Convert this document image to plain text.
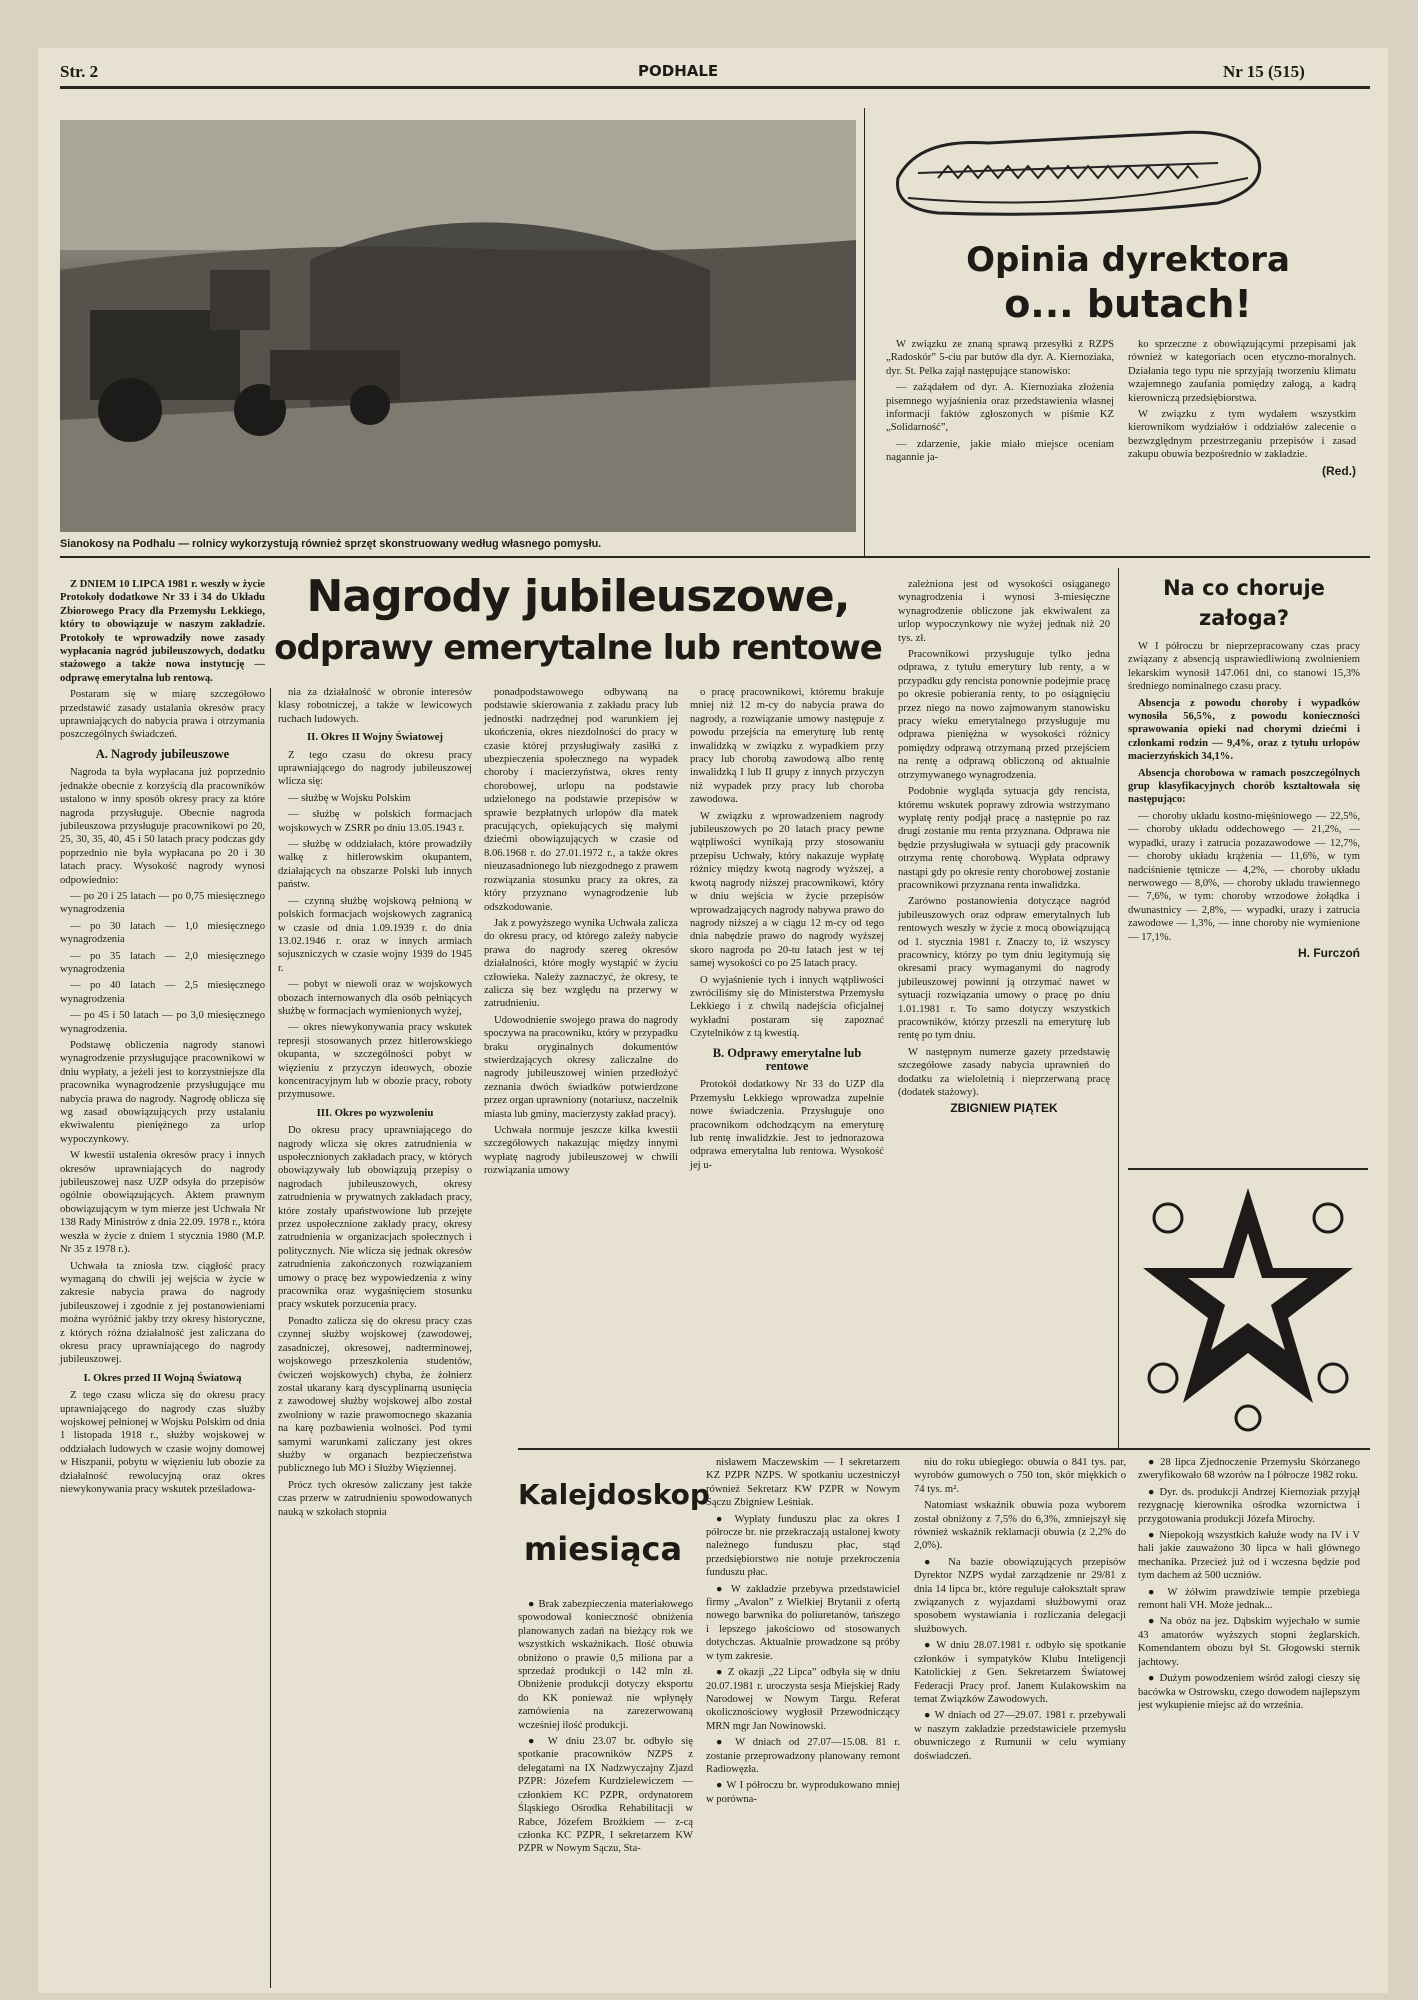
Str. 2	PODHALE	Nr 15 (515)
Sianokosy na Podhalu — rolnicy wykorzystują również sprzęt skonstruowany według własnego pomysłu.
Opinia dyrektora
o... butach!

W związku ze znaną sprawą przesyłki z RZPS „Radoskór” 5-ciu par butów dla dyr. A. Kiernoziaka, dyr. St. Pelka zajął następujące stanowisko:

— zażądałem od dyr. A. Kiernoziaka złożenia pisemnego wyjaśnienia oraz przedstawienia własnej informacji faktów zgłoszonych w piśmie KZ „Solidarność”,

— zdarzenie, jakie miało miejsce oceniam nagannie ja-

ko sprzeczne z obowiązującymi przepisami jak również w kategoriach ocen etyczno-moralnych. Działania tego typu nie sprzyjają tworzeniu klimatu wzajemnego zaufania pomiędzy załogą, a kadrą kierowniczą przedsiębiorstwa.

W związku z tym wydałem wszystkim kierownikom wydziałów i oddziałów zalecenie o bezwzględnym przestrzeganiu przepisów i zasad zakupu obuwia bezpośrednio w zakładzie.

(Red.)
Nagrody jubileuszowe,
odprawy emerytalne lub rentowe

Z DNIEM 10 LIPCA 1981 r. weszły w życie Protokoły dodatkowe Nr 33 i 34 do Układu Zbiorowego Pracy dla Przemysłu Lekkiego, który to obowiązuje w naszym zakładzie. Protokoły te wprowadziły nowe zasady wypłacania nagród jubileuszowych, dodatku stażowego a także nowa instytucję — odprawę emerytalna lub rentową.

Postaram się w miarę szczegółowo przedstawić zasady ustalania okresów pracy uprawniających do nabycia prawa i otrzymania poszczególnych świadczeń.

A. Nagrody jubileuszowe

Nagroda ta była wypłacana już poprzednio jednakże obecnie z korzyścią dla pracowników ustalono w inny sposób okresy pracy za które nagroda przysługuje. Obecnie nagroda jubileuszowa przysługuje pracownikowi po 20, 25, 30, 35, 40, 45 i 50 latach pracy podczas gdy poprzednio nie była wypłacana po 20 i 30 latach pracy. Wysokość nagrody wynosi odpowiednio:

— po 20 i 25 latach — po 0,75 miesięcznego wynagrodzenia

— po 30 latach — 1,0 miesięcznego wynagrodzenia

— po 35 latach — 2,0 miesięcznego wynagrodzenia

— po 40 latach — 2,5 miesięcznego wynagrodzenia

— po 45 i 50 latach — po 3,0 miesięcznego wynagrodzenia.

Podstawę obliczenia nagrody stanowi wynagrodzenie przysługujące pracownikowi w dniu wypłaty, a jeżeli jest to korzystniejsze dla pracownika wynagrodzenie przysługujące mu nabycia prawa do nagrody. Nagrodę oblicza się wg zasad obowiązujących przy ustalaniu ekwiwalentu pieniężnego za urlop wypoczynkowy.

W kwestii ustalenia okresów pracy i innych okresów uprawniających do nagrody jubileuszowej nasz UZP odsyła do przepisów ogólnie obowiązujących. Aktem prawnym obowiązującym w tym mierze jest Uchwała Nr 138 Rady Ministrów z dnia 22.09. 1978 r., która weszła w życie z dniem 1 stycznia 1980 (M.P. Nr 35 z 1978 r.).

Uchwała ta zniosła tzw. ciągłość pracy wymaganą do chwili jej wejścia w życie w zakresie nabycia prawa do nagrody jubileuszowej i zgodnie z jej postanowieniami można wyróżnić jakby trzy okresy historyczne, z których różna działalność jest zaliczana do okresu pracy uprawniającego do nagrody jubileuszowej.

I. Okres przed II Wojną Światową

Z tego czasu wlicza się do okresu pracy uprawniającego do nagrody czas służby wojskowej pełnionej w Wojsku Polskim od dnia 1 listopada 1918 r., służby wojskowej w oddziałach ludowych w czasie wojny domowej w Hiszpanii, pobytu w więzieniu lub obozie za działalność rewolucyjną oraz okres niewykonywania pracy wskutek prześladowa-

nia za działalność w obronie interesów klasy robotniczej, a także w lewicowych ruchach ludowych.

II. Okres II Wojny Światowej

Z tego czasu do okresu pracy uprawniającego do nagrody jubileuszowej wlicza się:

— służbę w Wojsku Polskim

— służbę w polskich formacjach wojskowych w ZSRR po dniu 13.05.1943 r.

— służbę w oddziałach, które prowadziły walkę z hitlerowskim okupantem, działających na obszarze Polski lub innych państw.

— czynną służbę wojskową pełnioną w polskich formacjach wojskowych zagranicą w czasie od dnia 1.09.1939 r. do dnia 13.02.1946 r. oraz w innych armiach sojuszniczych w czasie wojny 1939 do 1945 r.

— pobyt w niewoli oraz w wojskowych obozach internowanych dla osób pełniących służbę w formacjach wymienionych wyżej,

— okres niewykonywania pracy wskutek represji stosowanych przez hitlerowskiego okupanta, w szczególności pobyt w więzieniu z przyczyn ideowych, obozie koncentracyjnym lub w obozie pracy, roboty przymusowe.

III. Okres po wyzwoleniu

Do okresu pracy uprawniającego do nagrody wlicza się okres zatrudnienia w uspołecznionych zakładach pracy, w których obowiązywały lub obowiązują przepisy o nagrodach jubileuszowych, okresy zatrudnienia w prywatnych zakładach pracy, które zostały upaństwowione lub przejęte przez uspołecznione zakłady pracy, okresy zatrudnienia w organizacjach społecznych i politycznych. Nie wlicza się jednak okresów zatrudnienia zakończonych rozwiązaniem umowy o pracę bez wypowiedzenia z winy pracownika oraz wygaśnięciem stosunku pracy wskutek porzucenia pracy.

Ponadto zalicza się do okresu pracy czas czynnej służby wojskowej (zawodowej, zasadniczej, okresowej, nadterminowej, wojskowego przeszkolenia studentów, ćwiczeń wojskowych) chyba, że żołnierz został ukarany karą dyscyplinarną usunięcia z zawodowej służby wojskowej albo został zwolniony w razie prawomocnego skazania na karę pozbawienia wolności. Pod tymi samymi warunkami zaliczany jest okres służby w organach bezpieczeństwa publicznego lub MO i Służby Więziennej.

Prócz tych okresów zaliczany jest także czas przerw w zatrudnieniu spowodowanych nauką w szkołach stopnia

ponadpodstawowego odbywaną na podstawie skierowania z zakładu pracy lub jednostki nadrzędnej pod warunkiem jej ukończenia, okres niezdolności do pracy w czasie której przysługiwały zasiłki z ubezpieczenia społecznego na wypadek choroby i macierzyństwa, okres renty chorobowej, urlopu na podstawie udzielonego na podstawie przepisów w sprawie bezpłatnych urlopów dla matek pracujących, opiekujących się małymi dziećmi obowiązujących w czasie od 8.06.1968 r. do 27.01.1972 r., a także okres nieuzasadnionego lub niezgodnego z prawem rozwiązania stosunku pracy za okres, za który przyznano wynagrodzenie lub odszkodowanie.

Jak z powyższego wynika Uchwała zalicza do okresu pracy, od którego zależy nabycie prawa do nagrody szereg okresów działalności, które mogły wystąpić w życiu człowieka. Należy zaznaczyć, że okresy, te zalicza się bez względu na przerwy w zatrudnieniu.

Udowodnienie swojego prawa do nagrody spoczywa na pracowniku, który w przypadku braku oryginalnych dokumentów stwierdzających okresy zaliczalne do nagrody jubileuszowej winien przedłożyć zeznania dwóch świadków potwierdzone przez organ uprawniony (notariusz, naczelnik miasta lub gminy, macierzysty zakład pracy).

Uchwała normuje jeszcze kilka kwestii szczegółowych nakazując między innymi wypłatę nagrody jubileuszowej w chwili rozwiązania umowy

o pracę pracownikowi, któremu brakuje mniej niż 12 m-cy do nabycia prawa do nagrody, a rozwiązanie umowy następuje z powodu przejścia na emeryturę lub rentę inwalidzką w związku z wypadkiem przy pracy lub chorobą zawodową albo rentę inwalidzką I lub II grupy z innych przyczyn niż wypadek przy pracy lub choroba zawodowa.

W związku z wprowadzeniem nagrody jubileuszowych po 20 latach pracy pewne wątpliwości wynikają przy stosowaniu przepisu Uchwały, który nakazuje wypłatę różnicy między kwotą nagrody wyższej, a kwotą nagrody niższej pracownikowi, który w dniu wejścia w życie przepisów wprowadzających nagrody nabywa prawo do nagrody niższej a w ciągu 12 m-cy od tego dnia nabędzie prawo do nagrody wyższej skoro nagroda po 20-tu latach jest w tej samej wysokości co po 25 latach pracy.

O wyjaśnienie tych i innych wątpliwości zwróciliśmy się do Ministerstwa Przemysłu Lekkiego i z chwilą nadejścia oficjalnej wykładni postaram się zapoznać Czytelników z tą kwestią.

B. Odprawy emerytalne lub rentowe

Protokół dodatkowy Nr 33 do UZP dla Przemysłu Lekkiego wprowadza zupełnie nowe świadczenia. Przysługuje ono pracownikom odchodzącym na emeryturę lub rentę inwalidzkie. Jest to jednorazowa odprawa emerytalna lub rentowa. Wysokość jej u-

zależniona jest od wysokości osiąganego wynagrodzenia i wynosi 3-miesięczne wynagrodzenie obliczone jak ekwiwalent za urlop wypoczynkowy nie wyżej jednak niż 20 tys. zł.

Pracownikowi przysługuje tylko jedna odprawa, z tytułu emerytury lub renty, a w przypadku gdy rencista ponownie podejmie pracę po okresie pobierania renty, to po osiągnięciu przez niego na nowo zajmowanym stanowisku pracy wieku emerytalnego przysługuje mu odprawa pieniężna w wysokości różnicy pomiędzy odprawą otrzymaną przed przejściem na rentę a odprawą obliczoną od aktualnie otrzymywanego wynagrodzenia.

Podobnie wygląda sytuacja gdy rencista, któremu wskutek poprawy zdrowia wstrzymano wypłatę renty podjął pracę a następnie po raz drugi zostanie mu renta przyznana. Odprawa nie będzie przysługiwała w sytuacji gdy pracownik otrzyma rentę chorobową. Wypłata odprawy nastąpi gdy po okresie renty chorobowej zostanie pracownikowi przyznana renta inwalidzka.

Zarówno postanowienia dotyczące nagród jubileuszowych oraz odpraw emerytalnych lub rentowych weszły w życie z mocą obowiązującą od 1. stycznia 1981 r. Znaczy to, iż wszyscy pracownicy, którzy po tym dniu legitymują się okresami pracy wymaganymi do nagrody jubileuszowej powinni ją otrzymać nawet w sytuacji rozwiązania umowy o pracę po dniu 1.01.1981 r. To samo dotyczy wszystkich pracowników, którzy przeszli na emeryturę lub rentę po tym dniu.

W następnym numerze gazety przedstawię szczegółowe zasady nabycia uprawnień do dodatku za wieloletnią i nieprzerwaną pracę (dodatek stażowy).

ZBIGNIEW PIĄTEK
Na co choruje
załoga?

W I półroczu br nieprzepracowany czas pracy związany z absencją usprawiedliwioną zwolnieniem lekarskim wynosił 147.061 dni, co stanowi 15,3% średniego nominalnego czasu pracy.

Absencja z powodu choroby i wypadków wynosiła 56,5%, z powodu konieczności sprawowania opieki nad chorymi dziećmi i członkami rodzin — 9,4%, oraz z tytułu urlopów macierzyńskich 34,1%.

Absencja chorobowa w ramach poszczególnych grup klasyfikacyjnych chorób kształtowała się następująco:

— choroby układu kostno-mięśniowego — 22,5%, — choroby układu oddechowego — 21,2%, — wypadki, urazy i zatrucia pozazawodowe — 12,7%, — choroby układu krążenia — 11,6%, w tym nadciśnienie tętnicze — 4,2%, — choroby układu nerwowego — 8,0%, — choroby układu trawiennego — 7,6%, w tym: choroby wrzodowe żołądka i dwunastnicy — 2,8%, — wypadki, urazy i zatrucia zawodowe — 1,3%, — inne choroby nie wymienione — 17,1%.

H. Furczoń
Kalejdoskop
miesiąca

● Brak zabezpieczenia materiałowego spowodował konieczność obniżenia planowanych zadań na bieżący rok we wszystkich wskaźnikach. Ilość obuwia obniżono o prawie 0,5 miliona par a sprzedaż produkcji o 142 mln zł. Obniżenie produkcji dotyczy eksportu do KK ponieważ nie wpłynęły zamówienia na zarezerwowaną wcześniej ilość produkcji.

● W dniu 23.07 br. odbyło się spotkanie pracowników NZPS z delegatami na IX Nadzwyczajny Zjazd PZPR: Józefem Kurdzielewiczem — członkiem KC PZPR, ordynatorem Śląskiego Ośrodka Rehabilitacji w Rabce, Józefem Brożkiem — z-cą członka KC PZPR, I sekretarzem KW PZPR w Nowym Sączu, Sta-

nisławem Maczewskim — I sekretarzem KZ PZPR NZPS. W spotkaniu uczestniczył również Sekretarz KW PZPR w Nowym Sączu Zbigniew Leśniak.

● Wypłaty funduszu płac za okres I półrocze br. nie przekraczają ustalonej kwoty należnego funduszu płac, stąd przedsiębiorstwo nie notuje przekroczenia funduszu płac.

● W zakładzie przebywa przedstawiciel firmy „Avalon” z Wielkiej Brytanii z ofertą nowego barwnika do poliuretanów, tańszego i lepszego jakościowo od stosowanych dotychczas. Aktualnie prowadzone są próby w tym zakresie.

● Z okazji „22 Lipca” odbyła się w dniu 20.07.1981 r. uroczysta sesja Miejskiej Rady Narodowej w Nowym Targu. Referat okolicznościowy wygłosił Przewodniczący MRN mgr Jan Nowinowski.

● W dniach od 27.07—15.08. 81 r. zostanie przeprowadzony planowany remont Radiowęzła.

● W I półroczu br. wyprodukowano mniej w porówna-

niu do roku ubiegłego: obuwia o 841 tys. par, wyrobów gumowych o 750 ton, skór miękkich o 74 tys. m².

Natomiast wskaźnik obuwia poza wyborem został obniżony z 7,5% do 6,3%, zmniejszył się również wskaźnik reklamacji obuwia (z 2,2% do 2,0%).

● Na bazie obowiązujących przepisów Dyrektor NZPS wydał zarządzenie nr 29/81 z dnia 14 lipca br., które reguluje całokształt spraw związanych z wyjazdami służbowymi oraz sposobem wystawiania i rozliczania delegacji służbowych.

● W dniu 28.07.1981 r. odbyło się spotkanie członków i sympatyków Klubu Inteligencji Katolickiej z Gen. Sekretarzem Światowej Federacji Pracy prof. Janem Kulakowskim na temat Związków Zawodowych.

● W dniach od 27—29.07. 1981 r. przebywali w naszym zakładzie przedstawiciele przemysłu obuwniczego z Rumunii w celu wymiany doświadczeń.

● 28 lipca Zjednoczenie Przemysłu Skórzanego zweryfikowało 68 wzorów na I półrocze 1982 roku.

● Dyr. ds. produkcji Andrzej Kiernoziak przyjął rezygnację kierownika ośrodka wzornictwa i przygotowania produkcji Józefa Mirochy.

● Niepokoją wszystkich kałuże wody na IV i V hali jakie zauważono 30 lipca w hali głównego mechanika. Przecież już od i wczesna będzie pod tym dachem aż 500 uczniów.

● W żółwim prawdziwie tempie przebiega remont hali VH. Może jednak...

● Na obóz na jez. Dąbskim wyjechało w sumie 43 amatorów wyższych stopni żeglarskich. Komendantem obozu był St. Głogowski sternik jachtowy.

● Dużym powodzeniem wśród załogi cieszy się bacówka w Ostrowsku, czego dowodem najlepszym jest wykupienie miejsc aż do września.
